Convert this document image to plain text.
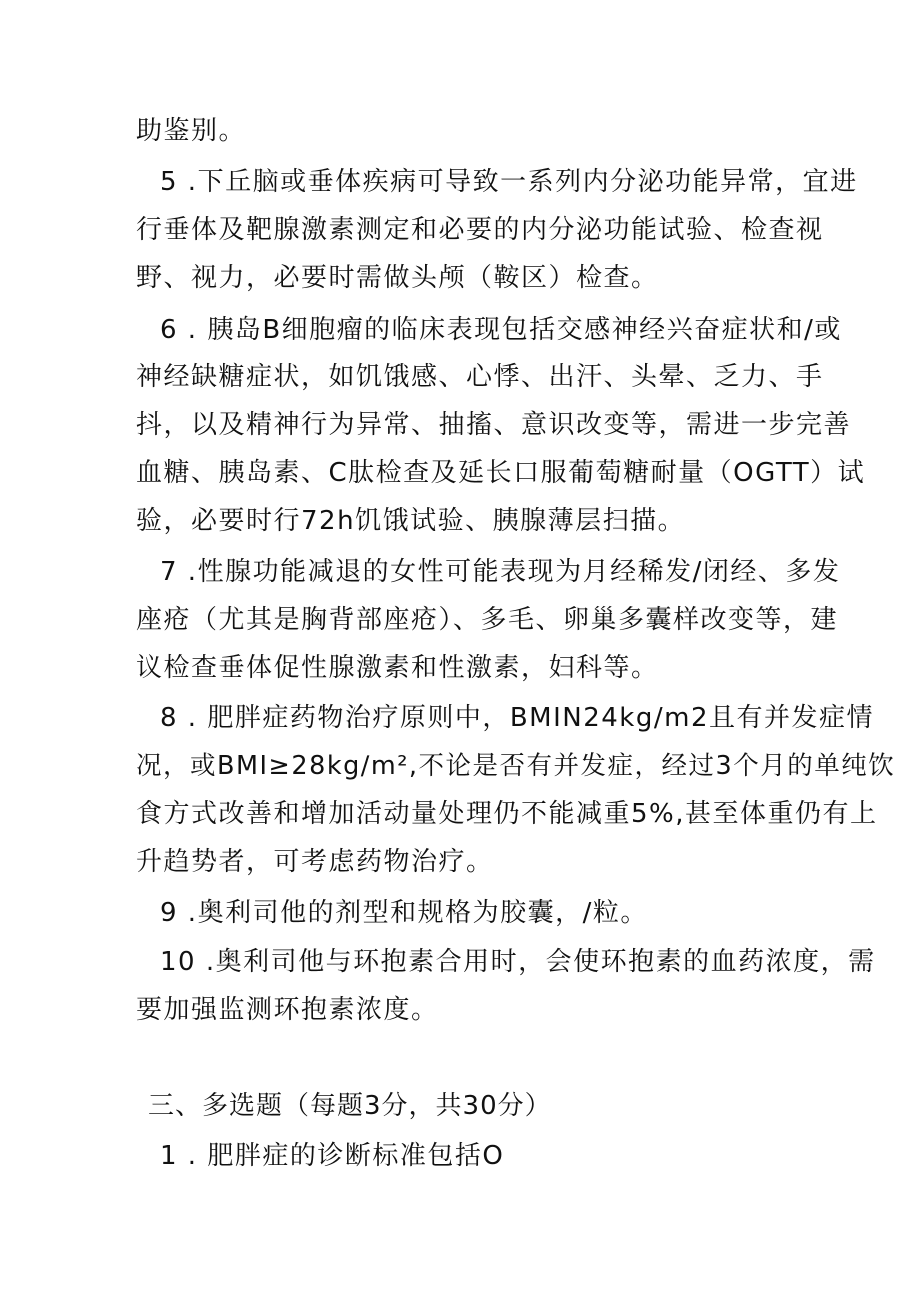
助鉴别。
5 .下丘脑或垂体疾病可导致一系列内分泌功能异常，宜进
行垂体及靶腺激素测定和必要的内分泌功能试验、检查视
野、视力，必要时需做头颅（鞍区）检查。
6 . 胰岛B细胞瘤的临床表现包括交感神经兴奋症状和/或
神经缺糖症状，如饥饿感、心悸、出汗、头晕、乏力、手
抖，以及精神行为异常、抽搐、意识改变等，需进一步完善
血糖、胰岛素、C肽检查及延长口服葡萄糖耐量（OGTT）试
验，必要时行72h饥饿试验、胰腺薄层扫描。
7 .性腺功能减退的女性可能表现为月经稀发/闭经、多发
座疮（尤其是胸背部座疮）、多毛、卵巢多囊样改变等，建
议检查垂体促性腺激素和性激素，妇科等。
8 . 肥胖症药物治疗原则中，BMIN24kg∕m2且有并发症情
况，或BMI≥28kg∕m²,不论是否有并发症，经过3个月的单纯饮
食方式改善和增加活动量处理仍不能减重5%,甚至体重仍有上
升趋势者，可考虑药物治疗。
9 .奥利司他的剂型和规格为胶囊，/粒。
10 .奥利司他与环抱素合用时，会使环抱素的血药浓度，需
要加强监测环抱素浓度。
三、多选题（每题3分，共30分）
1 . 肥胖症的诊断标准包括O
